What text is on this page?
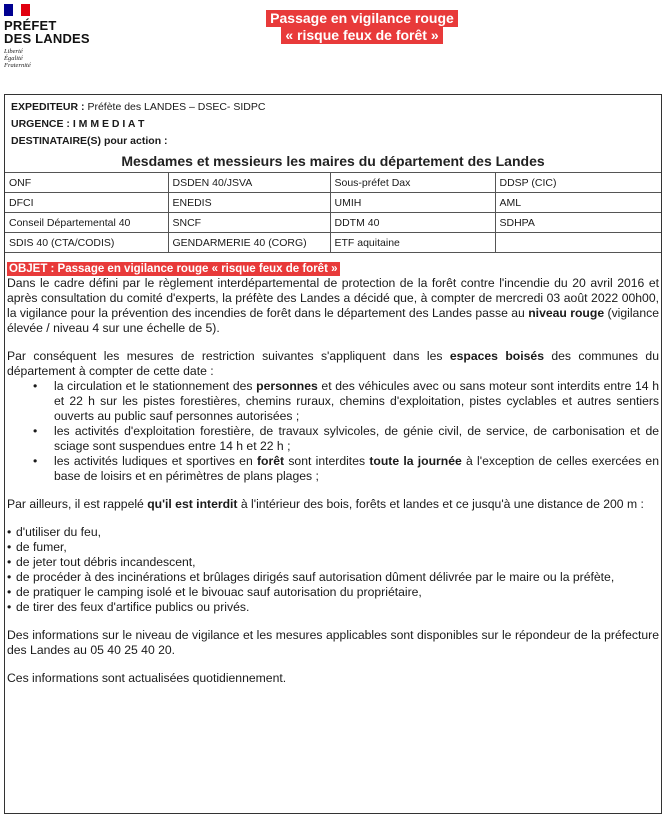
PRÉFET
DES LANDES
Liberté
Égalité
Fraternité
Passage en vigilance rouge
« risque feux de forêt »
EXPEDITEUR : Préfète des LANDES – DSEC- SIDPC
URGENCE : I M M E D I A T
DESTINATAIRE(S) pour action :
Mesdames et messieurs les maires du département des Landes
ONF	DSDEN 40/JSVA	Sous-préfet Dax	DDSP (CIC)
DFCI	ENEDIS	UMIH	AML
Conseil Départemental 40	SNCF	DDTM 40	SDHPA
SDIS 40 (CTA/CODIS)	GENDARMERIE 40 (CORG)	ETF aquitaine	
OBJET : Passage en vigilance rouge « risque feux de forêt »

Dans le cadre défini par le règlement interdépartemental de protection de la forêt contre l'incendie du 20 avril 2016 et après consultation du comité d'experts, la préfète des Landes a décidé que, à compter de mercredi 03 août 2022 00h00, la vigilance pour la prévention des incendies de forêt dans le département des Landes passe au niveau rouge (vigilance élevée / niveau 4 sur une échelle de 5).

Par conséquent les mesures de restriction suivantes s'appliquent dans les espaces boisés des communes du département à compter de cette date :

• la circulation et le stationnement des personnes et des véhicules avec ou sans moteur sont interdits entre 14 h et 22 h sur les pistes forestières, chemins ruraux, chemins d'exploitation, pistes cyclables et autres sentiers ouverts au public sauf personnes autorisées ;
• les activités d'exploitation forestière, de travaux sylvicoles, de génie civil, de service, de carbonisation et de sciage sont suspendues entre 14 h et 22 h ;
• les activités ludiques et sportives en forêt sont interdites toute la journée à l'exception de celles exercées en base de loisirs et en périmètres de plans plages ;

Par ailleurs, il est rappelé qu'il est interdit à l'intérieur des bois, forêts et landes et ce jusqu'à une distance de 200 m :

• d'utiliser du feu,
• de fumer,
• de jeter tout débris incandescent,
• de procéder à des incinérations et brûlages dirigés sauf autorisation dûment délivrée par le maire ou la préfète,
• de pratiquer le camping isolé et le bivouac sauf autorisation du propriétaire,
• de tirer des feux d'artifice publics ou privés.

Des informations sur le niveau de vigilance et les mesures applicables sont disponibles sur le répondeur de la préfecture des Landes au 05 40 25 40 20.

Ces informations sont actualisées quotidiennement.
